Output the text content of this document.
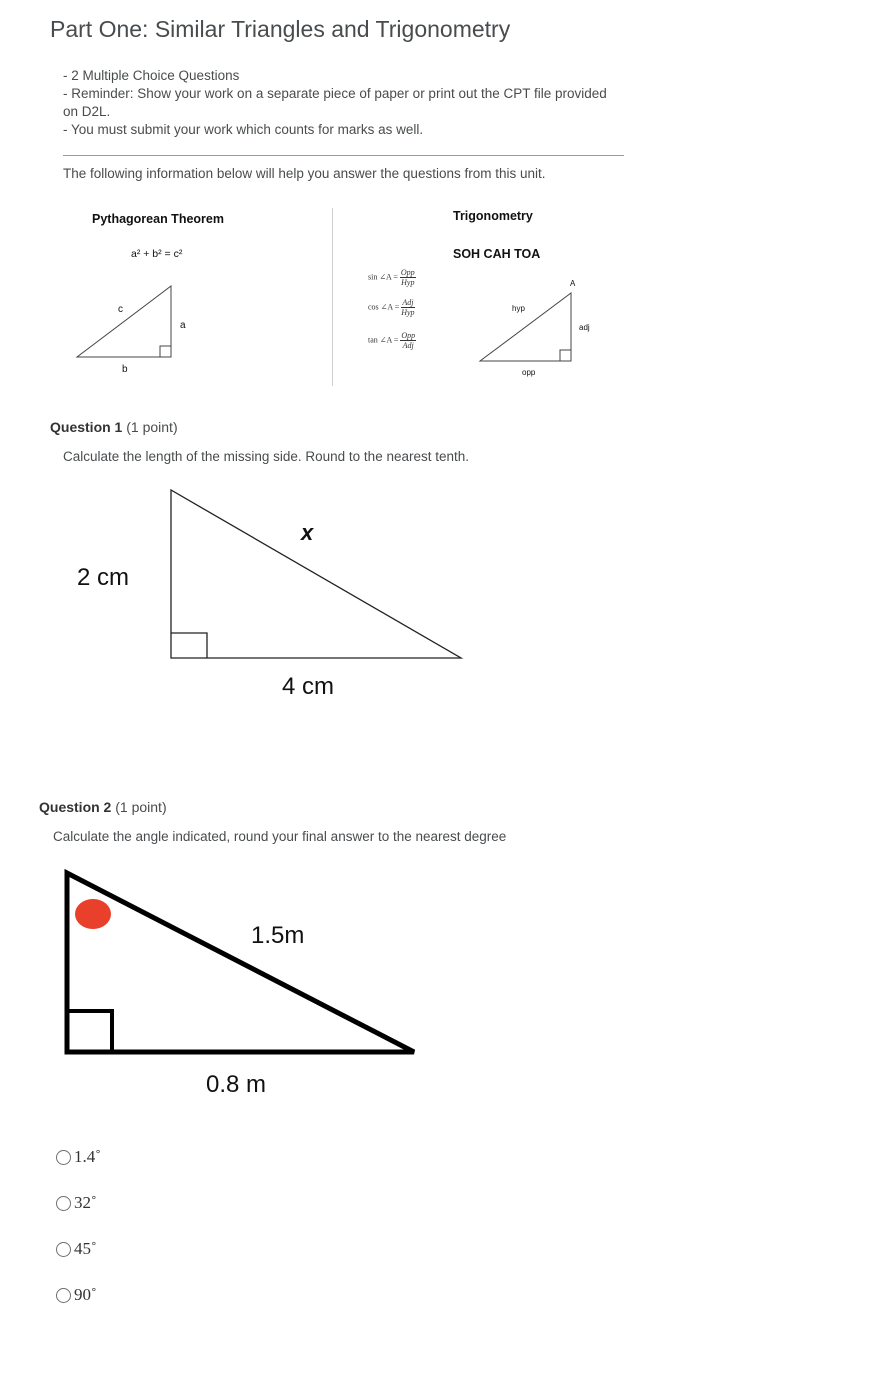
Part One: Similar Triangles and Trigonometry
- 2 Multiple Choice Questions
- Reminder: Show your work on a separate piece of paper or print out the CPT file provided on D2L.
- You must submit your work which counts for marks as well.
The following information below will help you answer the questions from this unit.
Pythagorean Theorem
a² + b² = c²
c
a
b
Trigonometry
SOH CAH TOA
sin ∠A = $\frac{\text{Opp}}{\text{Hyp}}$
cos ∠A = $\frac{\text{Adj}}{\text{Hyp}}$
tan ∠A = $\frac{\text{Opp}}{\text{Adj}}$
A
hyp
adj
opp
Question 1 (1 point)
Calculate the length of the missing side. Round to the nearest tenth.
x
2 cm
4 cm
Question 2 (1 point)
Calculate the angle indicated, round your final answer to the nearest degree
1.5m
0.8 m
1.4˚
32˚
45˚
90˚
